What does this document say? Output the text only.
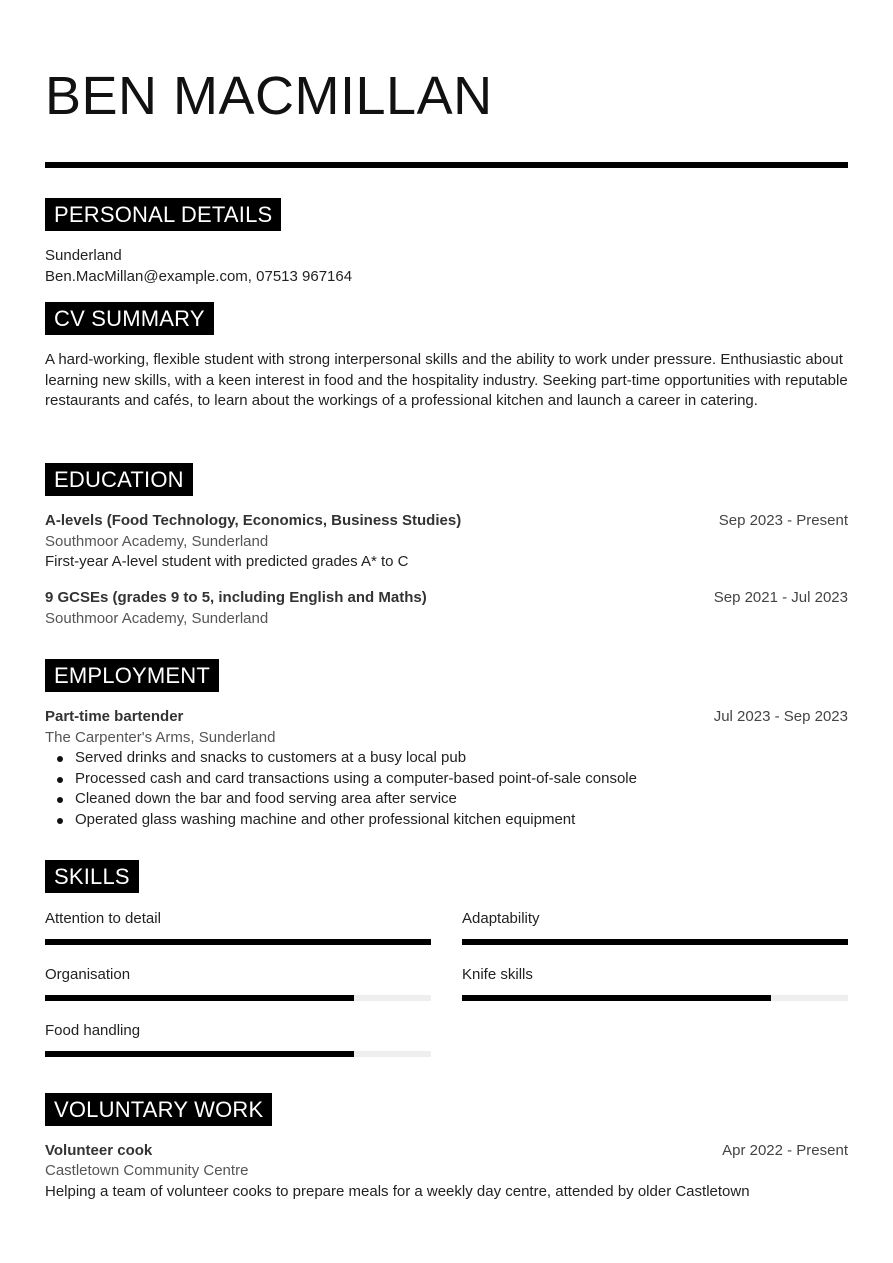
BEN MACMILLAN
PERSONAL DETAILS
Sunderland
Ben.MacMillan@example.com, 07513 967164
CV SUMMARY
A hard-working, flexible student with strong interpersonal skills and the ability to work under pressure. Enthusiastic about learning new skills, with a keen interest in food and the hospitality industry. Seeking part-time opportunities with reputable restaurants and cafés, to learn about the workings of a professional kitchen and launch a career in catering.
EDUCATION
A-levels (Food Technology, Economics, Business Studies)	Sep 2023 - Present
Southmoor Academy, Sunderland
First-year A-level student with predicted grades A* to C
9 GCSEs (grades 9 to 5, including English and Maths)	Sep 2021 - Jul 2023
Southmoor Academy, Sunderland
EMPLOYMENT
Part-time bartender	Jul 2023 - Sep 2023
The Carpenter's Arms, Sunderland
Served drinks and snacks to customers at a busy local pub
Processed cash and card transactions using a computer-based point-of-sale console
Cleaned down the bar and food serving area after service
Operated glass washing machine and other professional kitchen equipment
SKILLS
Attention to detail	Adaptability
Organisation	Knife skills
Food handling
VOLUNTARY WORK
Volunteer cook	Apr 2022 - Present
Castletown Community Centre
Helping a team of volunteer cooks to prepare meals for a weekly day centre, attended by older Castletown
